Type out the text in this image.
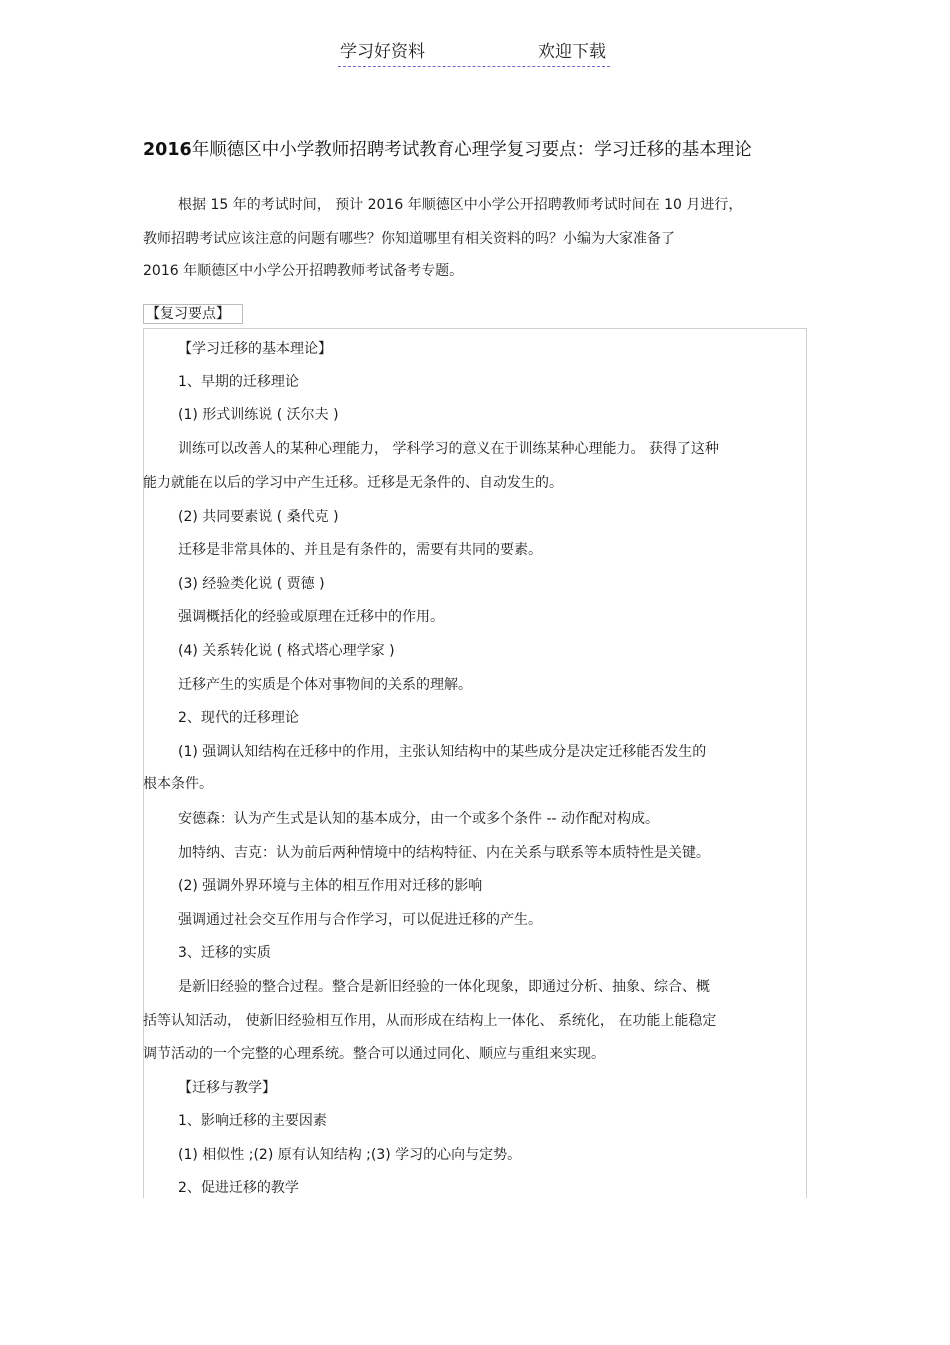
学习好资料	欢迎下载
2016年顺德区中小学教师招聘考试教育心理学复习要点：学习迁移的基本理论
根据 15 年的考试时间， 预计 2016 年顺德区中小学公开招聘教师考试时间在 10 月进行，
教师招聘考试应该注意的问题有哪些？你知道哪里有相关资料的吗？小编为大家准备了
2016 年顺德区中小学公开招聘教师考试备考专题。
【复习要点】
【学习迁移的基本理论】
1、早期的迁移理论
(1) 形式训练说 ( 沃尔夫 )
训练可以改善人的某种心理能力， 学科学习的意义在于训练某种心理能力。 获得了这种
能力就能在以后的学习中产生迁移。迁移是无条件的、自动发生的。
(2) 共同要素说 ( 桑代克 )
迁移是非常具体的、并且是有条件的，需要有共同的要素。
(3) 经验类化说 ( 贾德 )
强调概括化的经验或原理在迁移中的作用。
(4) 关系转化说 ( 格式塔心理学家 )
迁移产生的实质是个体对事物间的关系的理解。
2、现代的迁移理论
(1) 强调认知结构在迁移中的作用，主张认知结构中的某些成分是决定迁移能否发生的
根本条件。
安德森：认为产生式是认知的基本成分，由一个或多个条件 -- 动作配对构成。
加特纳、吉克：认为前后两种情境中的结构特征、内在关系与联系等本质特性是关键。
(2) 强调外界环境与主体的相互作用对迁移的影响
强调通过社会交互作用与合作学习，可以促进迁移的产生。
3、迁移的实质
是新旧经验的整合过程。整合是新旧经验的一体化现象，即通过分析、抽象、综合、概
括等认知活动， 使新旧经验相互作用，从而形成在结构上一体化、 系统化， 在功能上能稳定
调节活动的一个完整的心理系统。整合可以通过同化、顺应与重组来实现。
【迁移与教学】
1、影响迁移的主要因素
(1) 相似性 ;(2) 原有认知结构 ;(3) 学习的心向与定势。
2、促进迁移的教学
